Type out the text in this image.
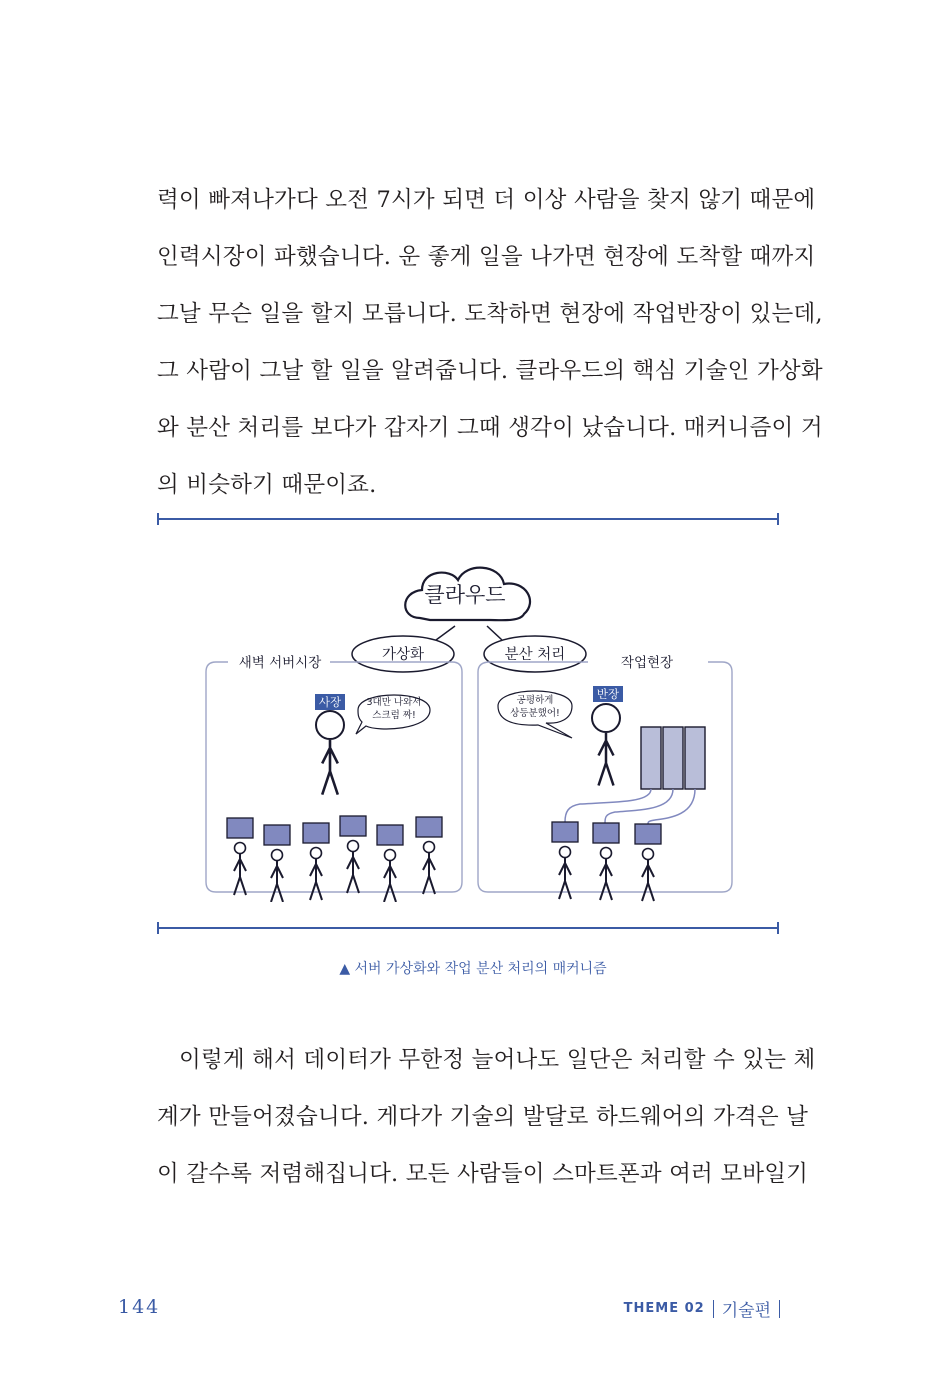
력이 빠져나가다 오전 7시가 되면 더 이상 사람을 찾지 않기 때문에
인력시장이 파했습니다. 운 좋게 일을 나가면 현장에 도착할 때까지
그날 무슨 일을 할지 모릅니다. 도착하면 현장에 작업반장이 있는데,
그 사람이 그날 할 일을 알려줍니다. 클라우드의 핵심 기술인 가상화
와 분산 처리를 보다가 갑자기 그때 생각이 났습니다. 매커니즘이 거
의 비슷하기 때문이죠.
클라우드
가상화	분산 처리
새벽 서버시장	작업현장
사장	3대만 나와서
스크럼 짜!
반장
공평하게
상등분했어!
▲ 서버 가상화와 작업 분산 처리의 매커니즘
이렇게 해서 데이터가 무한정 늘어나도 일단은 처리할 수 있는 체
계가 만들어졌습니다. 게다가 기술의 발달로 하드웨어의 가격은 날
이 갈수록 저렴해집니다. 모든 사람들이 스마트폰과 여러 모바일기
144	THEME 02 기술편
